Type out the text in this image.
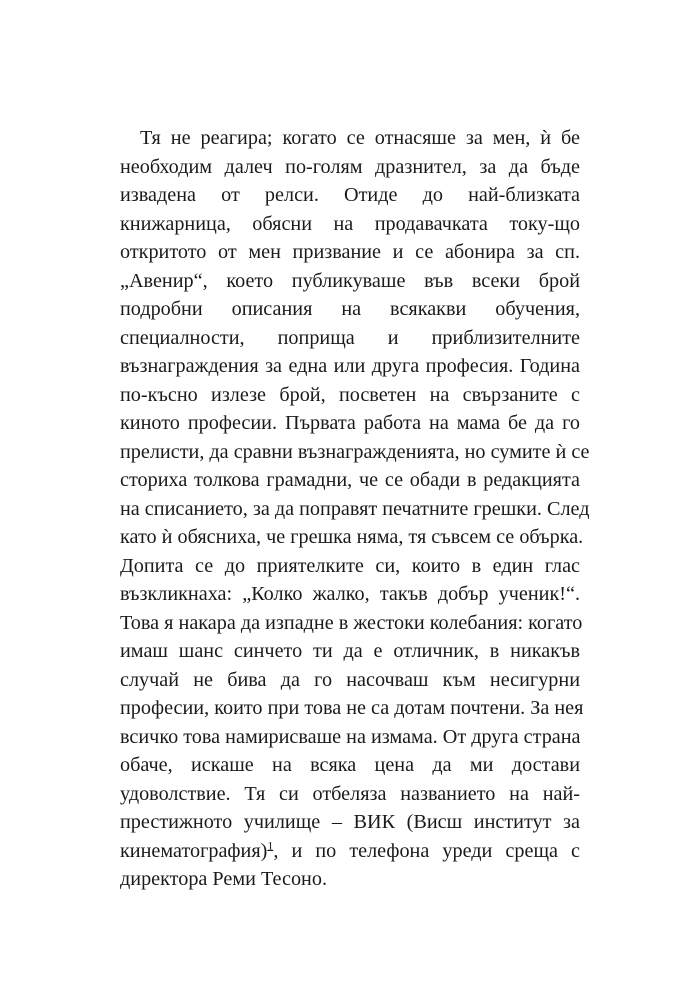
Тя не реагира; когато се отнасяше за мен, ѝ бе
необходим далеч по-голям дразнител, за да бъде
извадена от релси. Отиде до най-близката
книжарница, обясни на продавачката току-що
откритото от мен призвание и се абонира за сп.
„Авенир“, което публикуваше във всеки брой
подробни описания на всякакви обучения,
специалности, поприща и приблизителните
възнаграждения за една или друга професия. Година
по-късно излезе брой, посветен на свързаните с
киното професии. Първата работа на мама бе да го
прелисти, да сравни възнагражденията, но сумите ѝ се
сториха толкова грамадни, че се обади в редакцията
на списанието, за да поправят печатните грешки. След
като ѝ обясниха, че грешка няма, тя съвсем се обърка.
Допита се до приятелките си, които в един глас
възкликнаха: „Колко жалко, такъв добър ученик!“.
Това я накара да изпадне в жестоки колебания: когато
имаш шанс синчето ти да е отличник, в никакъв
случай не бива да го насочваш към несигурни
професии, които при това не са дотам почтени. За нея
всичко това намирисваше на измама. От друга страна
обаче, искаше на всяка цена да ми достави
удоволствие. Тя си отбеляза названието на най-
престижното училище – ВИК (Висш институт за
кинематография)$^1$, и по телефона уреди среща с
директора Реми Тесоно.
